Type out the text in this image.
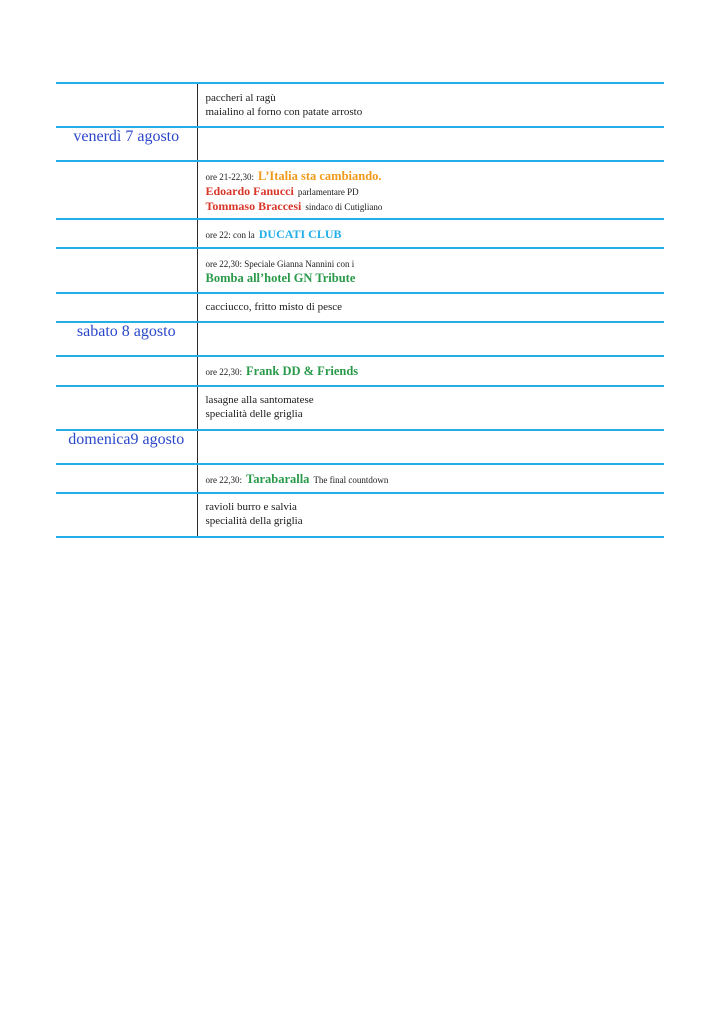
	paccheri al ragù
maialino al forno con patate arrosto

venerdì 7 agosto	

	ore 21-22,30: L’Italia sta cambiando.
Edoardo Fanucci parlamentare PD
Tommaso Braccesi sindaco di Cutigliano

	ore 22: con la DUCATI CLUB

	ore 22,30: Speciale Gianna Nannini con i
Bomba all’hotel GN Tribute

	cacciucco, fritto misto di pesce

sabato 8 agosto	

	ore 22,30: Frank DD & Friends

	lasagne alla santomatese
specialità delle griglia

domenica9 agosto	

	ore 22,30: Tarabaralla The final countdown

	ravioli burro e salvia
specialità della griglia
